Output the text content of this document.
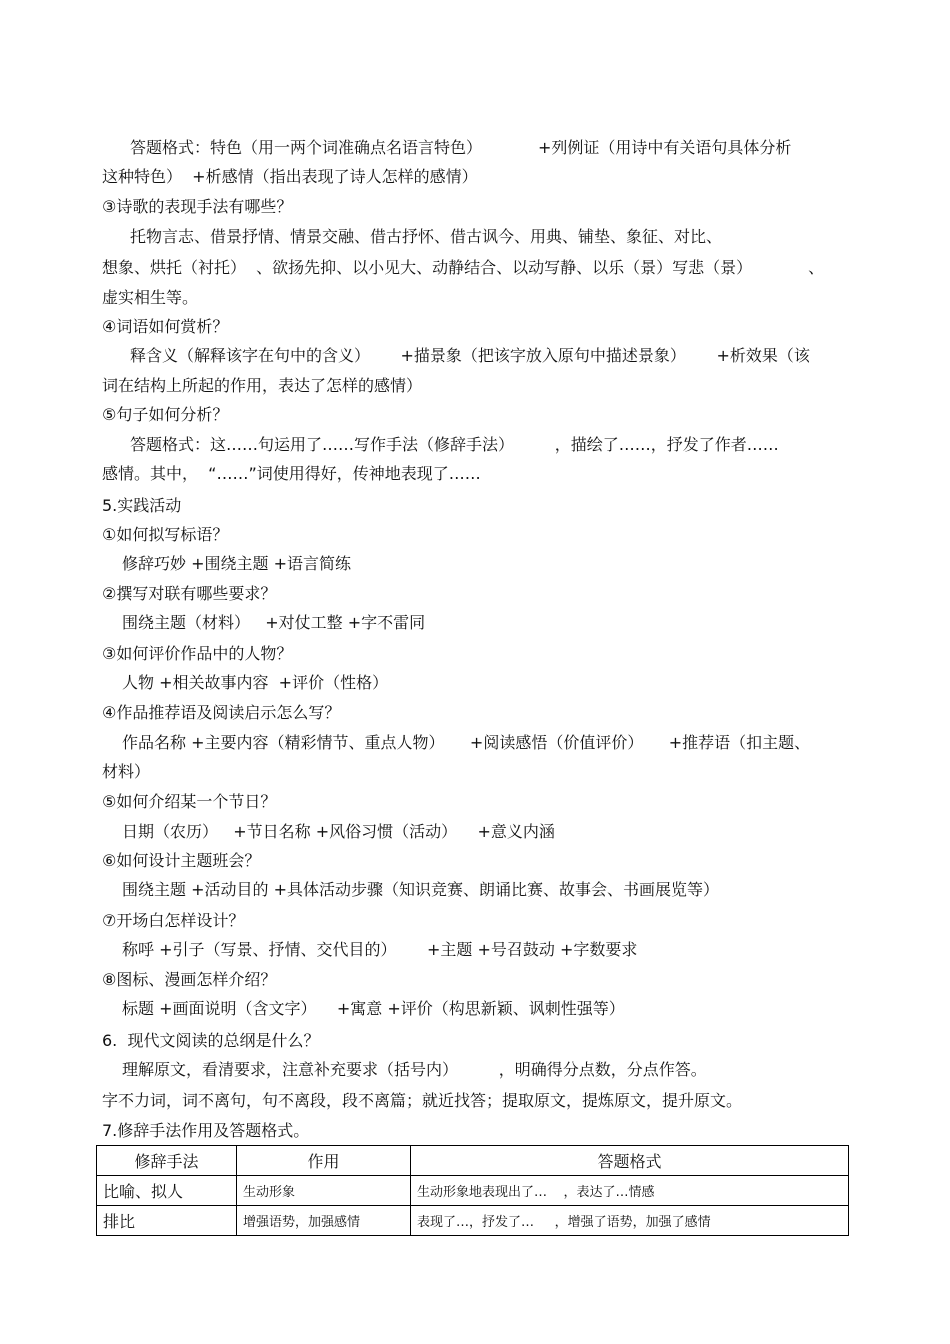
答题格式：特色（用一两个词准确点名语言特色）           +列例证（用诗中有关语句具体分析
这种特色）  +析感情（指出表现了诗人怎样的感情）
③诗歌的表现手法有哪些？
托物言志、借景抒情、情景交融、借古抒怀、借古讽今、用典、铺垫、象征、对比、
想象、烘托（衬托）  、欲扬先抑、以小见大、动静结合、以动写静、以乐（景）写悲（景）           、
虚实相生等。
④词语如何赏析？
释含义（解释该字在句中的含义）      +描景象（把该字放入原句中描述景象）      +析效果（该
词在结构上所起的作用，表达了怎样的感情）
⑤句子如何分析？
答题格式：这……句运用了……写作手法（修辞手法）        ，描绘了……，抒发了作者……
感情。其中，  “……”词使用得好，传神地表现了……
5.实践活动
①如何拟写标语？
修辞巧妙 +围绕主题 +语言简练
②撰写对联有哪些要求？
围绕主题（材料）   +对仗工整 +字不雷同
③如何评价作品中的人物？
人物 +相关故事内容  +评价（性格）
④作品推荐语及阅读启示怎么写？
作品名称 +主要内容（精彩情节、重点人物）     +阅读感悟（价值评价）     +推荐语（扣主题、
材料）
⑤如何介绍某一个节日？
日期（农历）   +节日名称 +风俗习惯（活动）    +意义内涵
⑥如何设计主题班会？
围绕主题 +活动目的 +具体活动步骤（知识竞赛、朗诵比赛、故事会、书画展览等）
⑦开场白怎样设计？
称呼 +引子（写景、抒情、交代目的）      +主题 +号召鼓动 +字数要求
⑧图标、漫画怎样介绍？
标题 +画面说明（含文字）    +寓意 +评价（构思新颖、讽刺性强等）
6.  现代文阅读的总纲是什么？
理解原文，看清要求，注意补充要求（括号内）        ，明确得分点数，分点作答。
字不力词，词不离句，句不离段，段不离篇；就近找答；提取原文，提炼原文，提升原文。
7.修辞手法作用及答题格式。
修辞手法	作用	答题格式
比喻、拟人	生动形象	生动形象地表现出了…    ，表达了…情感
排比	增强语势，加强感情	表现了…，抒发了…     ，增强了语势，加强了感情
